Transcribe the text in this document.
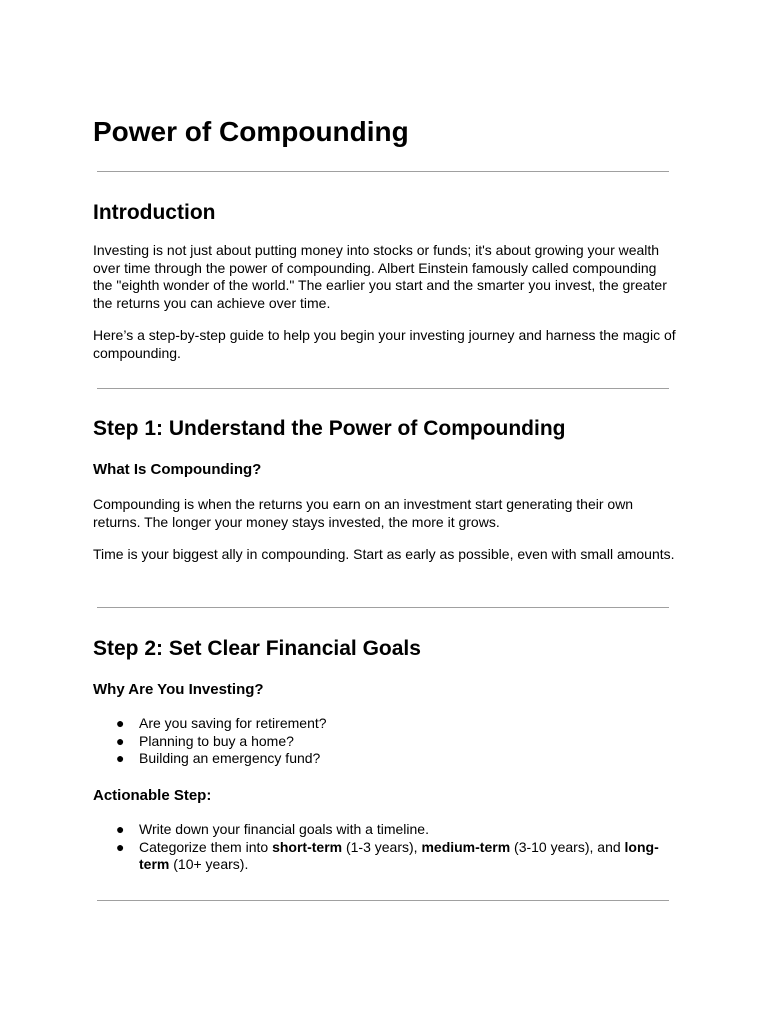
Power of Compounding
Introduction

Investing is not just about putting money into stocks or funds; it's about growing your wealth over time through the power of compounding. Albert Einstein famously called compounding the "eighth wonder of the world." The earlier you start and the smarter you invest, the greater the returns you can achieve over time.

Here’s a step-by-step guide to help you begin your investing journey and harness the magic of compounding.

Step 1: Understand the Power of Compounding
What Is Compounding?

Compounding is when the returns you earn on an investment start generating their own returns. The longer your money stays invested, the more it grows.

Time is your biggest ally in compounding. Start as early as possible, even with small amounts.

Step 2: Set Clear Financial Goals
Why Are You Investing?
● Are you saving for retirement?
● Planning to buy a home?
● Building an emergency fund?
Actionable Step:
● Write down your financial goals with a timeline.
● Categorize them into short-term (1-3 years), medium-term (3-10 years), and long-term (10+ years).
